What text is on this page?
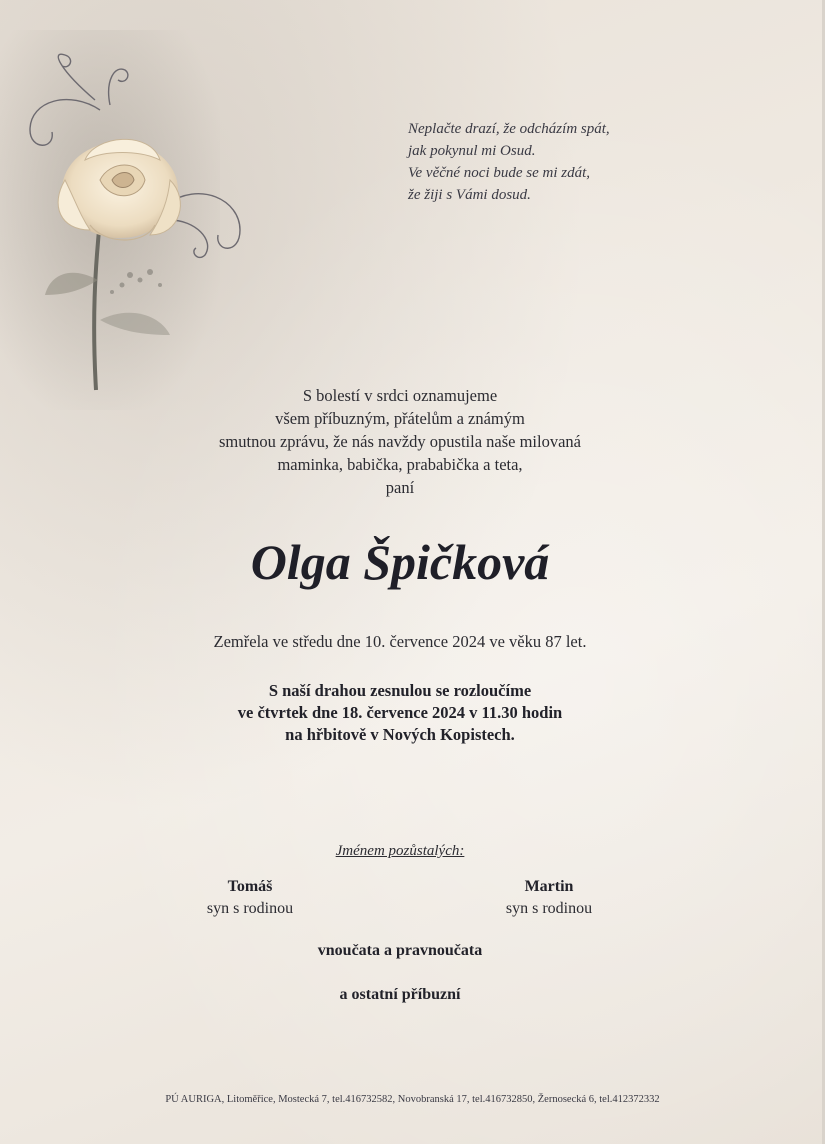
Neplačte drazí, že odcházím spát,
jak pokynul mi Osud.
Ve věčné noci bude se mi zdát,
že žiji s Vámi dosud.
S bolestí v srdci oznamujeme
všem příbuzným, přátelům a známým
smutnou zprávu, že nás navždy opustila naše milovaná
maminka, babička, prababička a teta,
paní
Olga Špičková
Zemřela ve středu dne 10. července 2024 ve věku 87 let.
S naší drahou zesnulou se rozloučíme
ve čtvrtek dne 18. července 2024 v 11.30 hodin
na hřbitově v Nových Kopistech.
Jménem pozůstalých:
Tomáš
syn s rodinou
Martin
syn s rodinou
vnoučata a pravnoučata
a ostatní příbuzní
PÚ AURIGA, Litoměřice, Mostecká 7, tel.416732582, Novobranská 17, tel.416732850, Žernosecká 6, tel.412372332
